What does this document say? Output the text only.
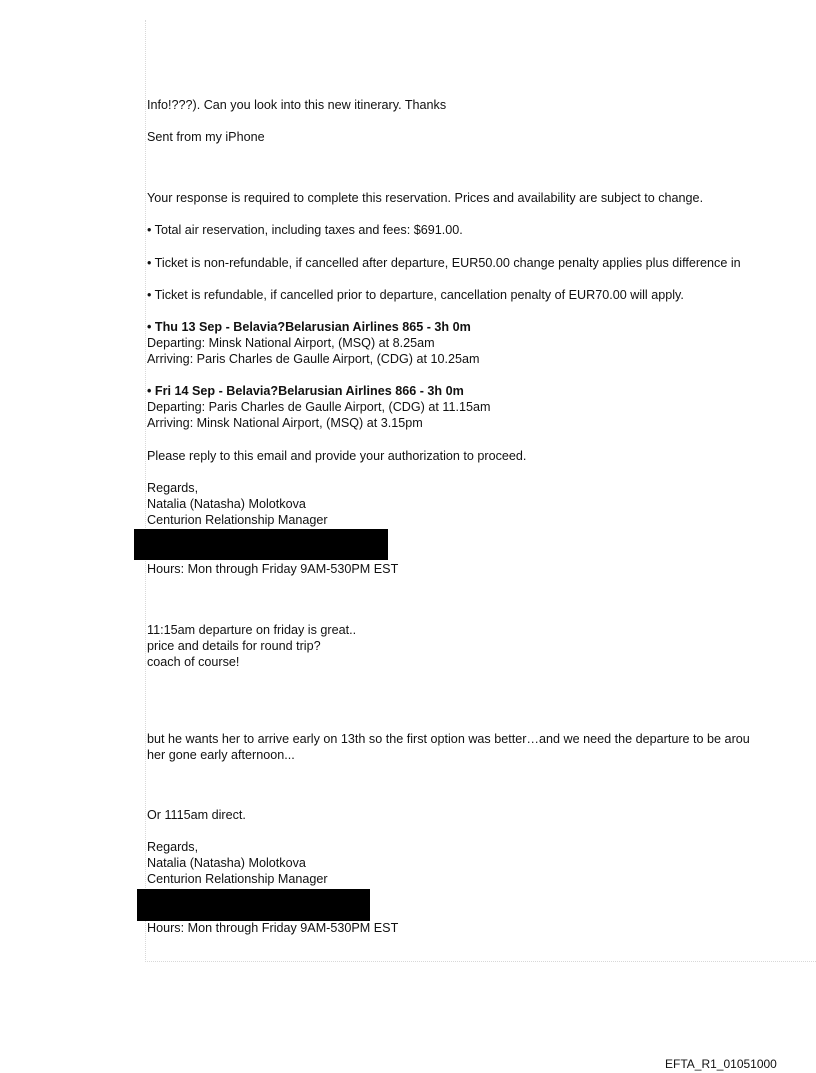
Info!???). Can you look into this new itinerary. Thanks
Sent from my iPhone
Your response is required to complete this reservation. Prices and availability are subject to change.
• Total air reservation, including taxes and fees: $691.00.
• Ticket is non-refundable, if cancelled after departure, EUR50.00 change penalty applies plus difference in
• Ticket is refundable, if cancelled prior to departure, cancellation penalty of EUR70.00 will apply.
• Thu 13 Sep - Belavia?Belarusian Airlines 865 - 3h 0m
Departing: Minsk National Airport, (MSQ) at 8.25am
Arriving: Paris Charles de Gaulle Airport, (CDG) at 10.25am
• Fri 14 Sep - Belavia?Belarusian Airlines 866 - 3h 0m
Departing: Paris Charles de Gaulle Airport, (CDG) at 11.15am
Arriving: Minsk National Airport, (MSQ) at 3.15pm
Please reply to this email and provide your authorization to proceed.
Regards,
Natalia (Natasha) Molotkova
Centurion Relationship Manager
Hours: Mon through Friday 9AM-530PM EST
11:15am departure on friday is great..
price and details for round trip?
coach of course!
but he wants her to arrive early on 13th so the first option was better…and we need the departure to be arou
her gone early afternoon...
Or 1115am direct.
Regards,
Natalia (Natasha) Molotkova
Centurion Relationship Manager
Hours: Mon through Friday 9AM-530PM EST
EFTA_R1_01051000
